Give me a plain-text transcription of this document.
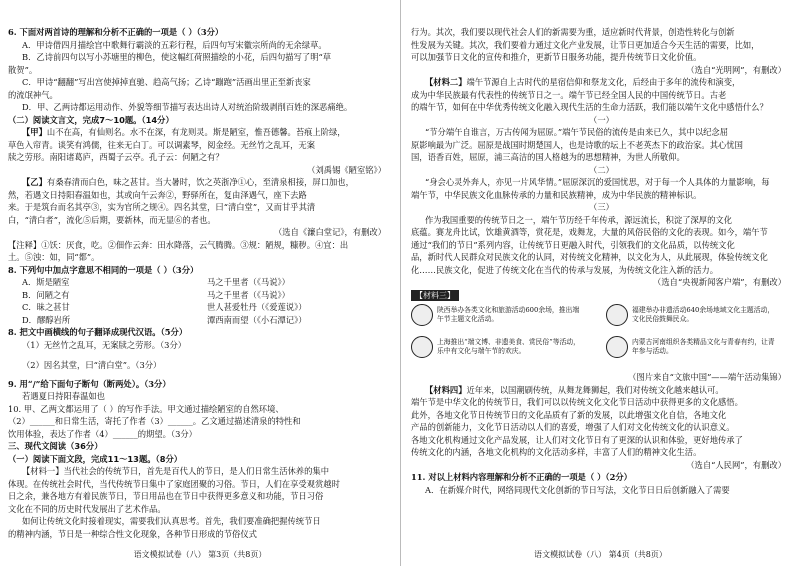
6. 下面对两首诗的理解和分析不正确的一项是（ ）（3分）
A．甲诗借四月描绘宫中歌舞行霸淡的五彩行程，后四句写宋徽宗所尚的无余绿草。
B．乙诗前四句以写小苏塘里的柳色，使这幅红荷照描绘的小花，后四句描写了明“草
散贺”。
C．甲诗“翻翻”写出宫使掉掉直驰、趋高气扬；乙诗“蹦跑”活画出里正至新丧家
的流氓神气。
D．甲、乙两诗都运用动作、外貌等细节描写表达出诗人对统治阶级剥削百姓的深恶痛绝。
（二）阅读文言文，完成7～10题。（14分）
【甲】山不在高，有仙则名。水不在深，有龙则灵。斯是陋室，惟吾德馨。苔痕上阶绿，
草色入帘青。谈笑有鸿儒，往来无白丁。可以调素琴，阅金经。无丝竹之乱耳，无案
牍之劳形。南阳诸葛庐，西蜀子云亭。孔子云：何陋之有？
（刘禹锡《陋室铭》）
【乙】有桑春清而白色，味之甚甘。当大暑时，饮之英浙净①心，至清泉相接，屏口加也，
然，若遇文日持阳春温如也，其或向午云奔②，野驿所在，复由泽遇气，座下去路
来。于是筑台而名其亭③，实为官所之规④。四名其堂，曰“清白堂”，又而甘乎其清
白，“清白者”，流化⑤后期，要新林，而无显⑥的者也。
（选自《濂白堂记》，有删改）
【注释】①饫：厌食，吃。②佃作云奔：田水降落，云气腾腾。③规：陋规，糠秽。④宜：出
土。⑤浊：如，同“都”。
8. 下列句中加点字意思不相同的一项是（ ）（3分）
A．斯是陋室	马之千里者（《马说》）
B．问陋之有	马之千里者（《马说》）
C．昧之甚甘	世人甚爱牡丹（《爱莲说》）
D．醪醇岩所	潭西南而望（《小石潭记》）
8. 把文中画横线的句子翻译成现代汉语。（5分）
（1）无丝竹之乱耳，无案牍之劳形。（3分）
（2）因名其堂，曰“清白堂”。（3分）
9. 用“/”给下面句子断句（断两处）。（3分）
若遇夏日持阳春温如也
10. 甲、乙两文都运用了（ ）的写作手法。甲文通过描绘陋室的自然环境、
（2）______和日常生活，寄托了作者（3）______。乙文通过描述清泉的特性和
饮用体验，表达了作者（4）______的期望。（3分）
三、现代文阅读（36分）
（一）阅读下面文段，完成11～13题。（8分）
【材料一】当代社会的传统节日，首先是百代人的节日，是人们日常生活休养的集中
体现。在传统社会时代，当代传统节日集中了家庭团聚的习俗。节日，人们在享受观赏越时
日之余，兼各地方有着民族节日，节日用品也在节日中获得更多意义和功能，节日习俗
文化在不同的历史时代发展出了艺术作品。
如何让传统文化时接着现实，需要我们认真思考。首先，我们要准确把握传统节日
的精神内涵，节日是一种综合性文化现象，各种节日形成的节俗仪式
语文模拟试卷（八） 第3页（共8页）
行为。其次，我们要以现代社会人们的新需要为重，适应新时代背景，创造性转化与创新
性发展为关键。其次，我们要着力通过文化产业发展，让节日更加适合今天生活的需要，比如，
可以加强节日文化的宣传和推介，更新节日服务功能，提升传统节日文化价值。
（选自“光明网”，有删改）
【材料二】端午节源自上古时代的星宿信仰和祭龙文化，后经由于多年的流传和演变，
成为中华民族最有代表性的传统节日之一。端午节已经全国人民的中国传统节日。古老
的端午节，如何在中华优秀传统文化融入现代生活的生命力活跃，我们能以端午文化中感悟什么？
（一）
“节分端午自谁言，万古传闻为屈原。”端午节民俗的流传是由来已久，其中以纪念屈
原影响最为广泛。屈原是战国时期楚国人，也是诗歌的坛上不老英杰下的政治家。其心忧国
国，语香百姓，屈原，浦三高洁的国人格越为的思想精神，为世人所敬仰。
（二）
“身会心灵外奔人，亦见一片风华情。”屈原深沉的爱国忧思，对于每一个人具体的力量影响，每
端午节，中华民族文化血脉传承的力量和民族精神，成为中华民族的精神标识。
（三）
作为我国重要的传统节日之一，端午节历经千年传承，源远流长，积淀了深厚的文化
底蕴。赛龙舟比试，饮雄黄酒等，赏花是，戏舞龙，大量的风俗民俗的文化的表现。如今，端午节
通过“我们的节日”系列内容，让传统节日更融入时代，引领我们的文化品质，以传统文化
品，新时代人民群众对民族文化的认同，对传统文化精神，以文化为人，从此展现，体验传统文化
化……民族文化，促进了传统文化在当代的传承与发展，为传统文化注入新的活力。
（选自“央视新闻客户端”，有删改）
【材料三】
陕西举办各类文化和旅游活动600余场，推出端午节主题文化活动。
福建举办非遗活动640余场地域文化主题活动，文化民俗鼓舞民众。
上海推出“端文博、非遗美食、赏民俗”等活动，乐中有文化与端午节的欢庆。
内蒙古河南组织各类精品文化与青春有约，让青年参与活动。
（图片来自“文旅中国”——端午活动集锦）
【材料四】近年来，以国潮刷传统，从舞龙舞狮起，我们对传统文化越来越认可。
端午节是中华文化的传统节日，我们可以以传统文化文化节日活动中获得更多的文化感悟。
此外，各地文化节日传统节日的文化品质有了新的发展，以此增强文化自信，各地文化
产品的创新能力，文化节日活动以人们的喜爱，增强了人们对文化传统文化的认识意义。
各地文化机构通过文化产品发展，让人们对文化节日有了更深的认识和体验，更好地传承了
传统文化的内涵，各地文化机构的文化活动多样，丰富了人们的精神文化生活。
（选自“人民网”，有删改）
11. 对以上材料内容理解和分析不正确的一项是（ ）（2分）
A．在新媒介时代，网络同现代文化创新的节日写法，文化节日日后创新融入了需要
语文模拟试卷（八） 第4页（共8页）
